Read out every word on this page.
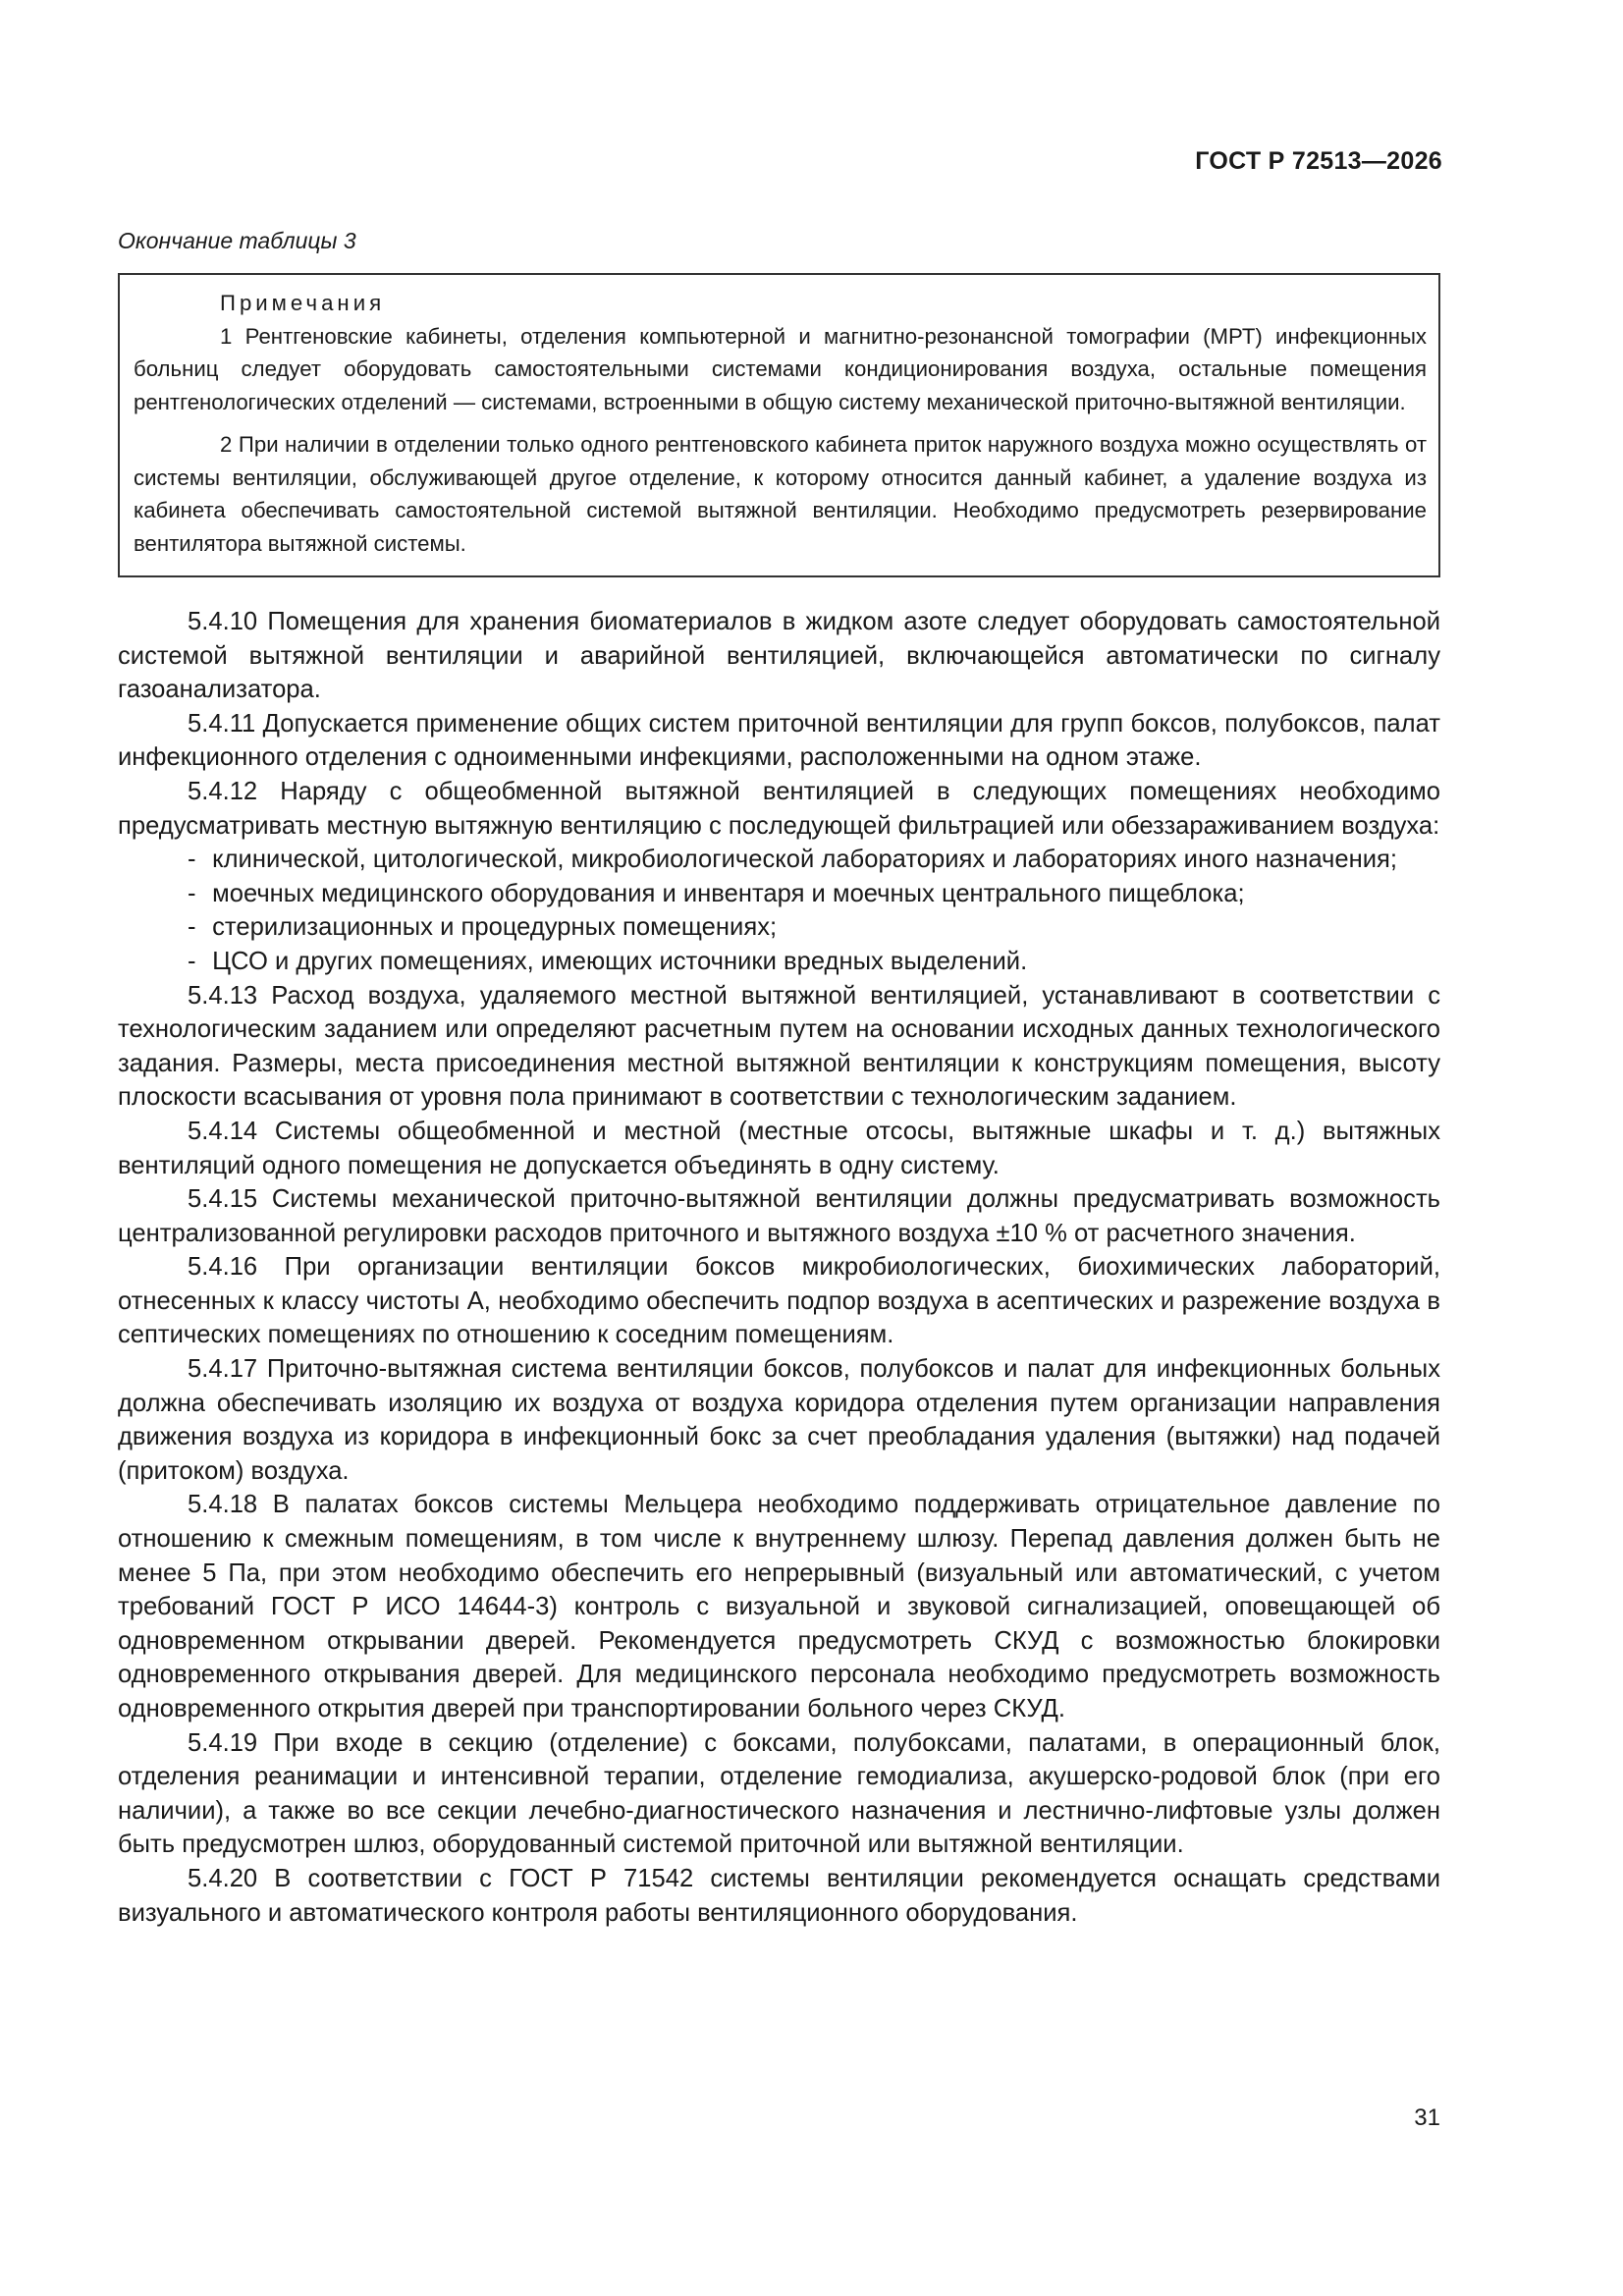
ГОСТ Р 72513—2026
Окончание таблицы 3
Примечания

1 Рентгеновские кабинеты, отделения компьютерной и магнитно-резонансной томографии (МРТ) инфекционных больниц следует оборудовать самостоятельными системами кондиционирования воздуха, остальные помещения рентгенологических отделений — системами, встроенными в общую систему механической приточно-вытяжной вентиляции.

2 При наличии в отделении только одного рентгеновского кабинета приток наружного воздуха можно осуществлять от системы вентиляции, обслуживающей другое отделение, к которому относится данный кабинет, а удаление воздуха из кабинета обеспечивать самостоятельной системой вытяжной вентиляции. Необходимо предусмотреть резервирование вентилятора вытяжной системы.

5.4.10 Помещения для хранения биоматериалов в жидком азоте следует оборудовать самостоятельной системой вытяжной вентиляции и аварийной вентиляцией, включающейся автоматически по сигналу газоанализатора.

5.4.11 Допускается применение общих систем приточной вентиляции для групп боксов, полубоксов, палат инфекционного отделения с одноименными инфекциями, расположенными на одном этаже.

5.4.12 Наряду с общеобменной вытяжной вентиляцией в следующих помещениях необходимо предусматривать местную вытяжную вентиляцию с последующей фильтрацией или обеззараживанием воздуха:

- клинической, цитологической, микробиологической лабораториях и лабораториях иного назначения;

- моечных медицинского оборудования и инвентаря и моечных центрального пищеблока;

- стерилизационных и процедурных помещениях;

- ЦСО и других помещениях, имеющих источники вредных выделений.

5.4.13 Расход воздуха, удаляемого местной вытяжной вентиляцией, устанавливают в соответствии с технологическим заданием или определяют расчетным путем на основании исходных данных технологического задания. Размеры, места присоединения местной вытяжной вентиляции к конструкциям помещения, высоту плоскости всасывания от уровня пола принимают в соответствии с технологическим заданием.

5.4.14 Системы общеобменной и местной (местные отсосы, вытяжные шкафы и т. д.) вытяжных вентиляций одного помещения не допускается объединять в одну систему.

5.4.15 Системы механической приточно-вытяжной вентиляции должны предусматривать возможность централизованной регулировки расходов приточного и вытяжного воздуха ±10 % от расчетного значения.

5.4.16 При организации вентиляции боксов микробиологических, биохимических лабораторий, отнесенных к классу чистоты А, необходимо обеспечить подпор воздуха в асептических и разрежение воздуха в септических помещениях по отношению к соседним помещениям.

5.4.17 Приточно-вытяжная система вентиляции боксов, полубоксов и палат для инфекционных больных должна обеспечивать изоляцию их воздуха от воздуха коридора отделения путем организации направления движения воздуха из коридора в инфекционный бокс за счет преобладания удаления (вытяжки) над подачей (притоком) воздуха.

5.4.18 В палатах боксов системы Мельцера необходимо поддерживать отрицательное давление по отношению к смежным помещениям, в том числе к внутреннему шлюзу. Перепад давления должен быть не менее 5 Па, при этом необходимо обеспечить его непрерывный (визуальный или автоматический, с учетом требований ГОСТ Р ИСО 14644-3) контроль с визуальной и звуковой сигнализацией, оповещающей об одновременном открывании дверей. Рекомендуется предусмотреть СКУД с возможностью блокировки одновременного открывания дверей. Для медицинского персонала необходимо предусмотреть возможность одновременного открытия дверей при транспортировании больного через СКУД.

5.4.19 При входе в секцию (отделение) с боксами, полубоксами, палатами, в операционный блок, отделения реанимации и интенсивной терапии, отделение гемодиализа, акушерско-родовой блок (при его наличии), а также во все секции лечебно-диагностического назначения и лестнично-лифтовые узлы должен быть предусмотрен шлюз, оборудованный системой приточной или вытяжной вентиляции.

5.4.20 В соответствии с ГОСТ Р 71542 системы вентиляции рекомендуется оснащать средствами визуального и автоматического контроля работы вентиляционного оборудования.

31
